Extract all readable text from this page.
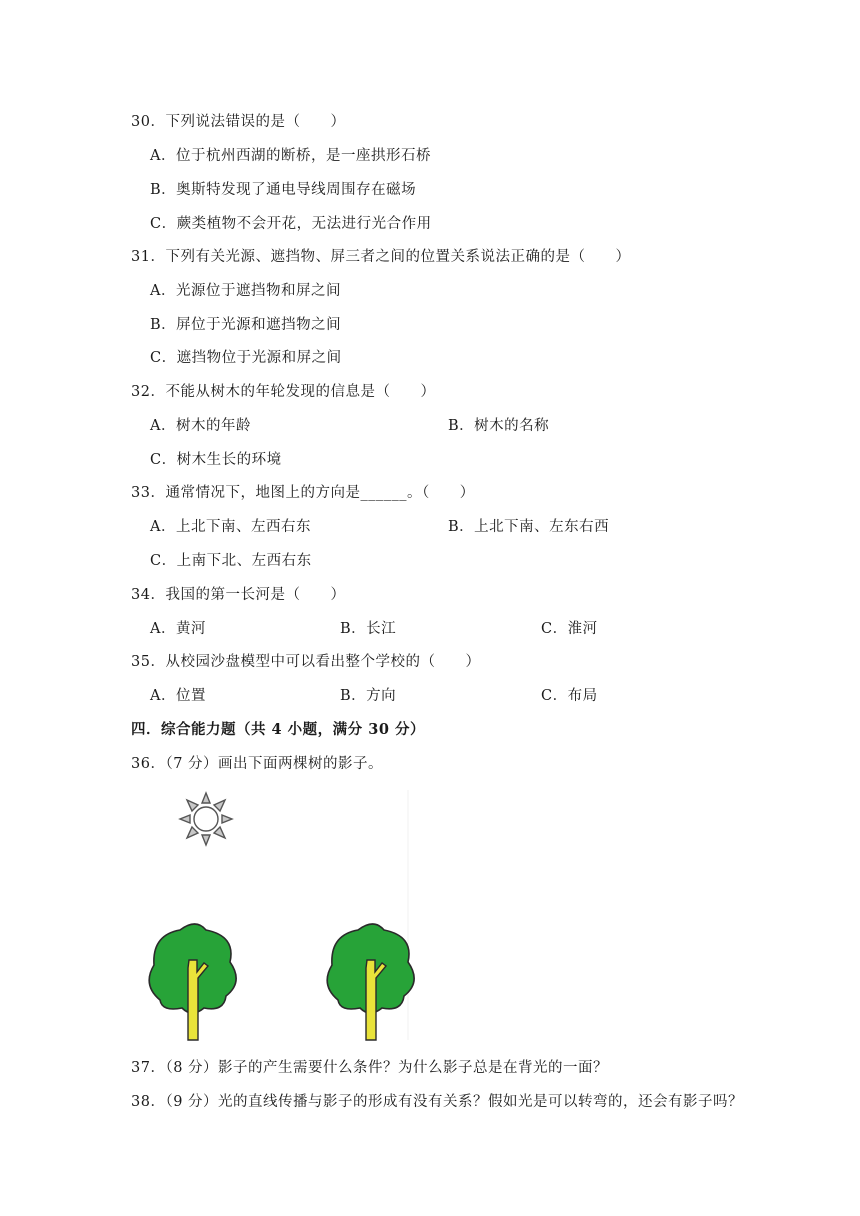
30．下列说法错误的是（　　）
A．位于杭州西湖的断桥，是一座拱形石桥
B．奥斯特发现了通电导线周围存在磁场
C．蕨类植物不会开花，无法进行光合作用
31．下列有关光源、遮挡物、屏三者之间的位置关系说法正确的是（　　）
A．光源位于遮挡物和屏之间
B．屏位于光源和遮挡物之间
C．遮挡物位于光源和屏之间
32．不能从树木的年轮发现的信息是（　　）
A．树木的年龄	B．树木的名称
C．树木生长的环境
33．通常情况下，地图上的方向是______。（　　）
A．上北下南、左西右东	B．上北下南、左东右西
C．上南下北、左西右东
34．我国的第一长河是（　　）
A．黄河	B．长江	C．淮河
35．从校园沙盘模型中可以看出整个学校的（　　）
A．位置	B．方向	C．布局
四．综合能力题（共 4 小题，满分 30 分）
36．（7 分）画出下面两棵树的影子。
37．（8 分）影子的产生需要什么条件？为什么影子总是在背光的一面？
38．（9 分）光的直线传播与影子的形成有没有关系？假如光是可以转弯的，还会有影子吗？
